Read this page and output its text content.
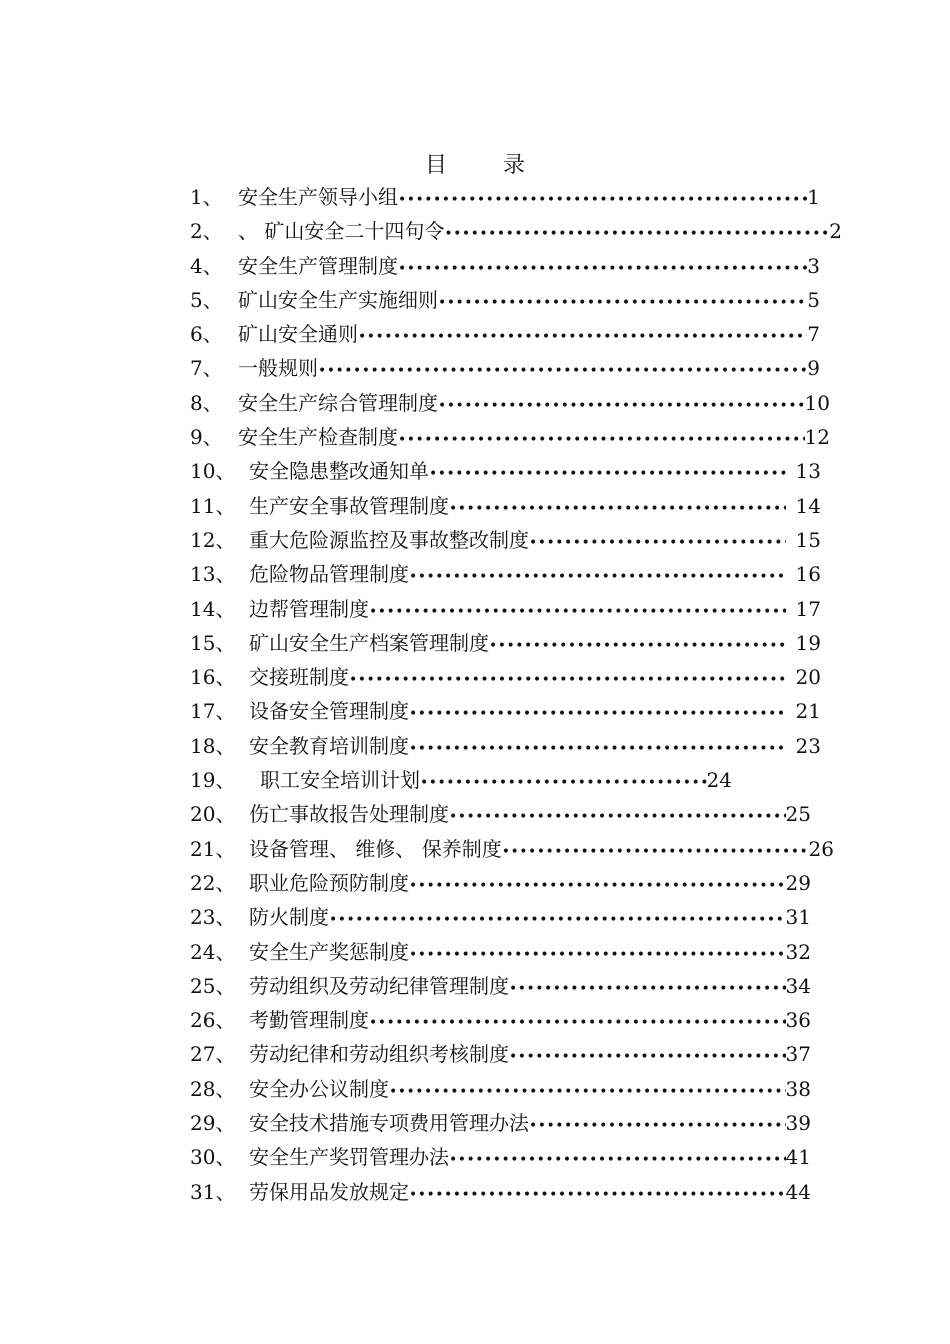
目	录
1、 安全生产领导小组 •••••	1
2、 、 矿山安全二十四句令 •••••	2
4、 安全生产管理制度 •••••	3
5、 矿山安全生产实施细则 •••••	5
6、 矿山安全通则 •••••	7
7、 一般规则 •••••	9
8、 安全生产综合管理制度 •••••	10
9、 安全生产检查制度 •••••	12
10、 安全隐患整改通知单 •••••	13
11、 生产安全事故管理制度 •••••	14
12、 重大危险源监控及事故整改制度 •••••	15
13、 危险物品管理制度 •••••	16
14、 边帮管理制度 •••••	17
15、 矿山安全生产档案管理制度 •••••	19
16、 交接班制度 •••••	20
17、 设备安全管理制度 •••••	21
18、 安全教育培训制度 •••••	23
19、 职工安全培训计划 •••••	24
20、 伤亡事故报告处理制度 •••••	25
21、 设备管理、 维修、 保养制度 •••••	26
22、 职业危险预防制度 •••••	29
23、 防火制度 •••••	31
24、 安全生产奖惩制度 •••••	32
25、 劳动组织及劳动纪律管理制度 •••••	34
26、 考勤管理制度 •••••	36
27、 劳动纪律和劳动组织考核制度 •••••	37
28、 安全办公议制度 •••••	38
29、 安全技术措施专项费用管理办法 •••••	39
30、 安全生产奖罚管理办法 •••••	41
31、 劳保用品发放规定 •••••	44
